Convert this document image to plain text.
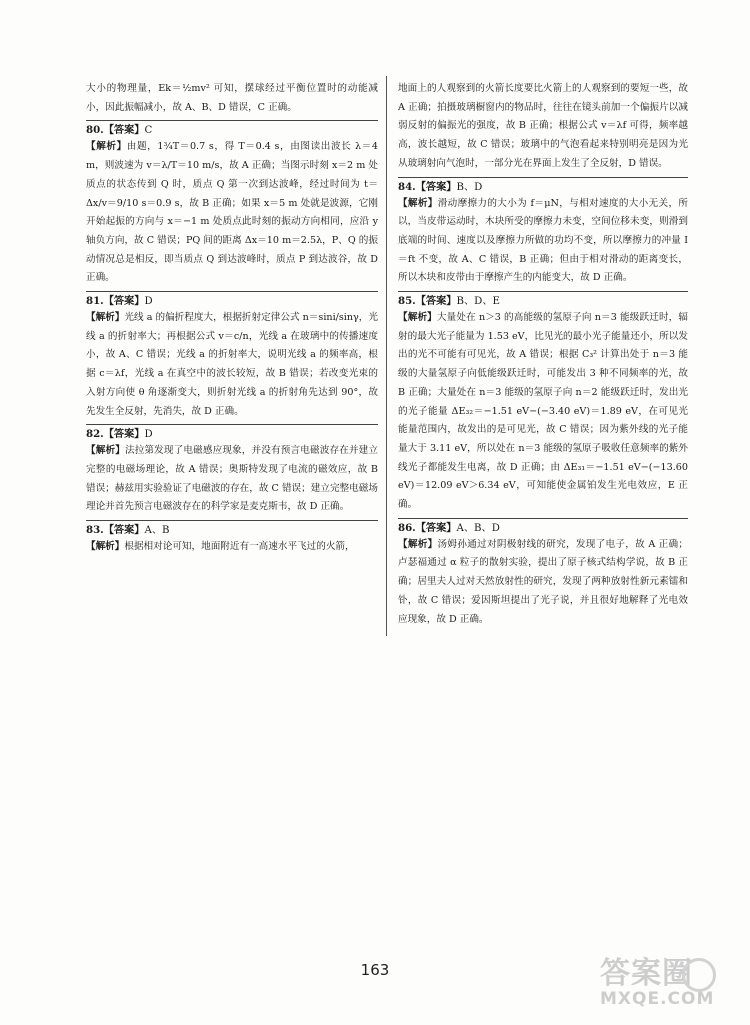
大小的物理量，Ek＝½mv² 可知，摆球经过平衡位置时的动能减小，因此振幅减小，故 A、B、D 错误，C 正确。
80.【答案】C
【解析】由题，1¾T＝0.7 s，得 T＝0.4 s，由图读出波长 λ＝4 m，则波速为 v＝λ/T＝10 m/s，故 A 正确；当图示时刻 x＝2 m 处质点的状态传到 Q 时，质点 Q 第一次到达波峰，经过时间为 t＝Δx/v＝9/10 s＝0.9 s，故 B 正确；如果 x＝5 m 处就是波源，它刚开始起振的方向与 x＝−1 m 处质点此时刻的振动方向相同，应沿 y 轴负方向，故 C 错误；PQ 间的距离 Δx＝10 m＝2.5λ，P、Q 的振动情况总是相反，即当质点 Q 到达波峰时，质点 P 到达波谷，故 D 正确。
81.【答案】D
【解析】光线 a 的偏折程度大，根据折射定律公式 n＝sini/sinγ，光线 a 的折射率大；再根据公式 v＝c/n，光线 a 在玻璃中的传播速度小，故 A、C 错误；光线 a 的折射率大，说明光线 a 的频率高，根据 c＝λf，光线 a 在真空中的波长较短，故 B 错误；若改变光束的入射方向使 θ 角逐渐变大，则折射光线 a 的折射角先达到 90°，故先发生全反射，先消失，故 D 正确。
82.【答案】D
【解析】法拉第发现了电磁感应现象，并没有预言电磁波存在并建立完整的电磁场理论，故 A 错误；奥斯特发现了电流的磁效应，故 B 错误；赫兹用实验验证了电磁波的存在，故 C 错误；建立完整电磁场理论并首先预言电磁波存在的科学家是麦克斯韦，故 D 正确。
83.【答案】A、B
【解析】根据相对论可知，地面附近有一高速水平飞过的火箭，
地面上的人观察到的火箭长度要比火箭上的人观察到的要短一些，故 A 正确；拍摄玻璃橱窗内的物品时，往往在镜头前加一个偏振片以减弱反射的偏振光的强度，故 B 正确；根据公式 v＝λf 可得，频率越高，波长越短，故 C 错误；玻璃中的气泡看起来特别明亮是因为光从玻璃射向气泡时，一部分光在界面上发生了全反射，D 错误。
84.【答案】B、D
【解析】滑动摩擦力的大小为 f＝μN，与相对速度的大小无关，所以，当皮带运动时，木块所受的摩擦力未变，空间位移未变，则滑到底端的时间、速度以及摩擦力所做的功均不变，所以摩擦力的冲量 I＝ft 不变，故 A、C 错误，B 正确；但由于相对滑动的距离变长，所以木块和皮带由于摩擦产生的内能变大，故 D 正确。
85.【答案】B、D、E
【解析】大量处在 n＞3 的高能级的氢原子向 n＝3 能级跃迁时，辐射的最大光子能量为 1.53 eV，比见光的最小光子能量还小，所以发出的光不可能有可见光，故 A 错误；根据 C₃² 计算出处于 n＝3 能级的大量氢原子向低能级跃迁时，可能发出 3 种不同频率的光，故 B 正确；大量处在 n＝3 能级的氢原子向 n＝2 能级跃迁时，发出光的光子能量 ΔE₃₂＝−1.51 eV−(−3.40 eV)＝1.89 eV，在可见光能量范围内，故发出的是可见光，故 C 错误；因为紫外线的光子能量大于 3.11 eV，所以处在 n＝3 能级的氢原子吸收任意频率的紫外线光子都能发生电离，故 D 正确；由 ΔE₃₁＝−1.51 eV−(−13.60 eV)＝12.09 eV＞6.34 eV，可知能使金属铂发生光电效应，E 正确。
86.【答案】A、B、D
【解析】汤姆孙通过对阴极射线的研究，发现了电子，故 A 正确；卢瑟福通过 α 粒子的散射实验，提出了原子核式结构学说，故 B 正确；居里夫人过对天然放射性的研究，发现了两种放射性新元素镭和钋，故 C 错误；爱因斯坦提出了光子说，并且很好地解释了光电效应现象，故 D 正确。
163	答案圈
MXQE.COM
